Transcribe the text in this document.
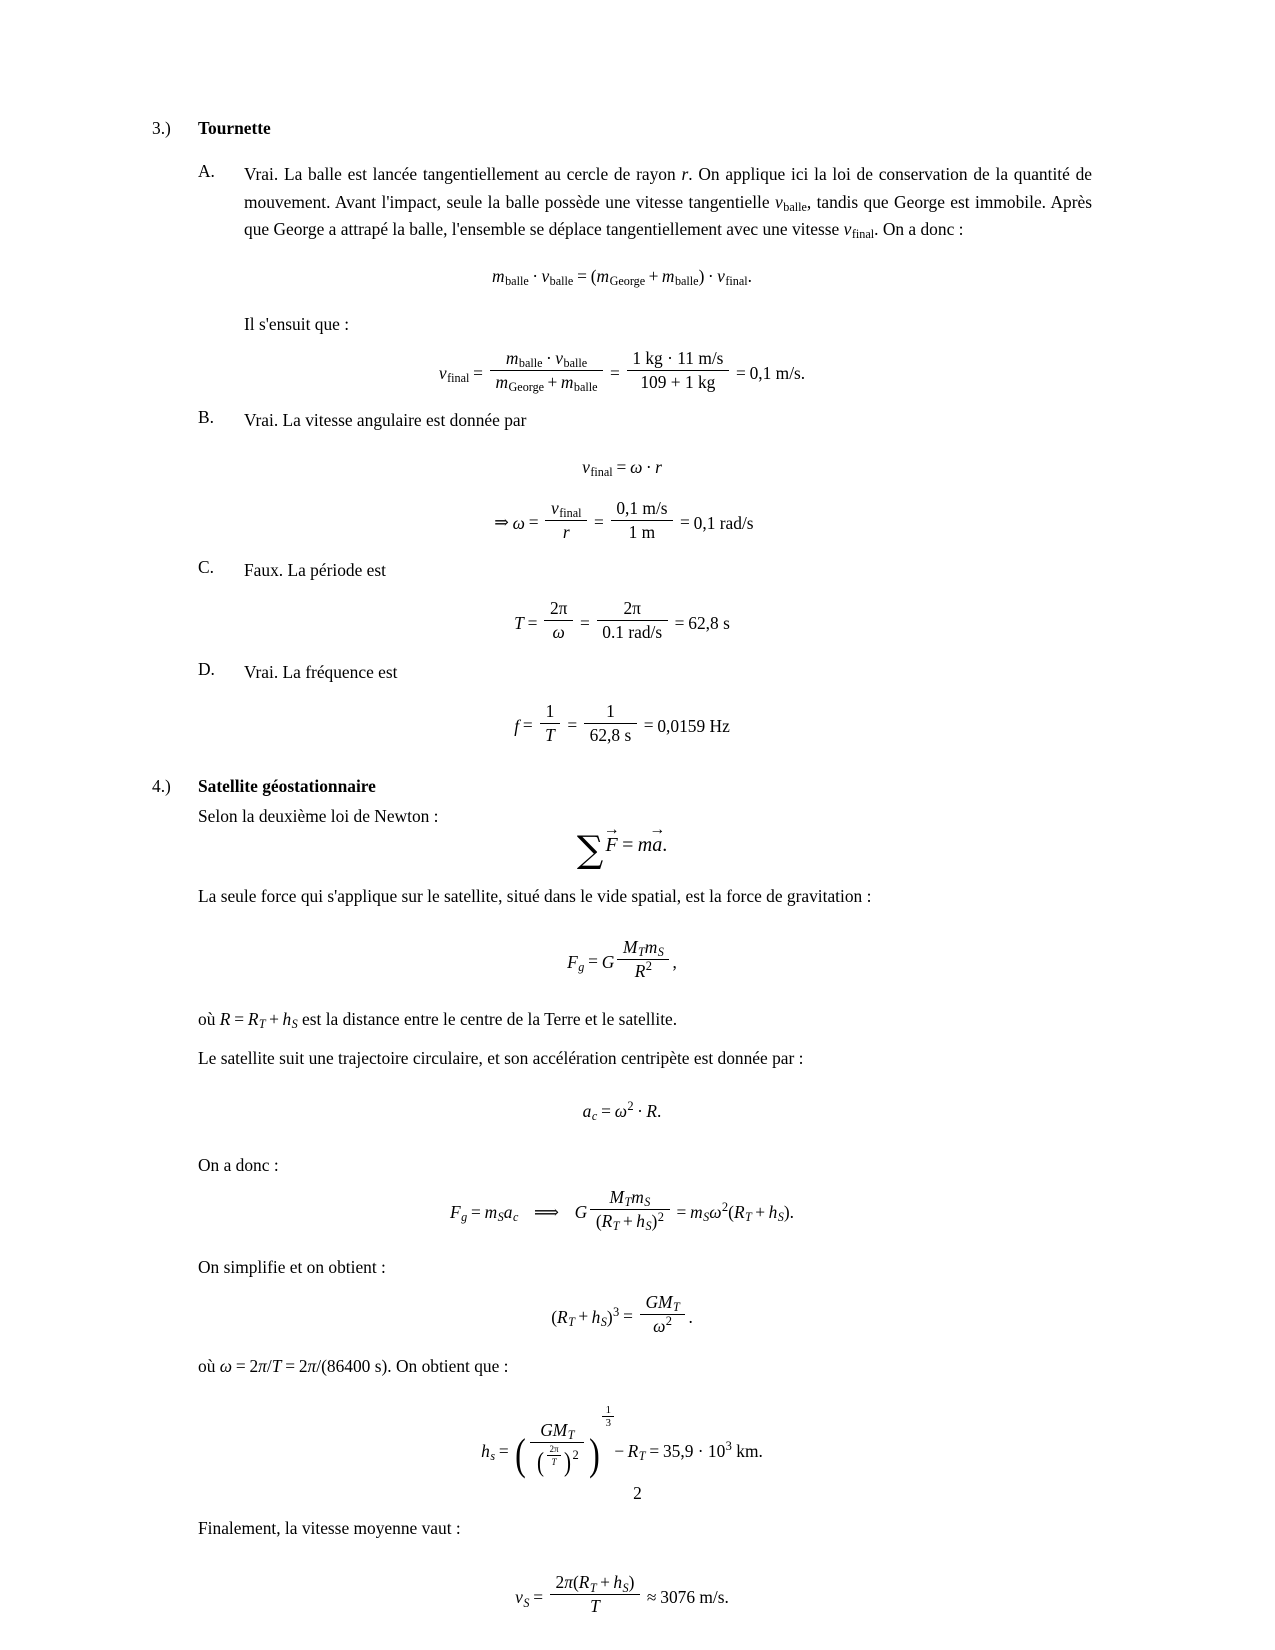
3.) Tournette
A. Vrai. La balle est lancée tangentiellement au cercle de rayon r. On applique ici la loi de conservation de la quantité de mouvement. Avant l'impact, seule la balle possède une vitesse tangentielle $v_{balle}$, tandis que George est immobile. Après que George a attrapé la balle, l'ensemble se déplace tangentiellement avec une vitesse $v_{final}$. On a donc :
$m_{balle} \cdot v_{balle} = (m_{George} + m_{balle}) \cdot v_{final}$.
Il s'ensuit que :
$v_{final} = \frac{m_{balle} \cdot v_{balle}}{m_{George} + m_{balle}} = \frac{1 kg \cdot 11 m/s}{109 + 1 kg} = 0,1$ m/s.
B. Vrai. La vitesse angulaire est donnée par
$v_{final} = \omega \cdot r$
⇒ $\omega = \frac{v_{final}}{r} = \frac{0,1 m/s}{1 m} = 0,1$ rad/s
C. Faux. La période est
$T = \frac{2\pi}{\omega} = \frac{2\pi}{\text{0.1 rad/s}} = 62,8$ s
D. Vrai. La fréquence est
$f = \frac{1}{T} = \frac{1}{62,8 s} = 0,0159$ Hz
4.) Satellite géostationnaire
Selon la deuxième loi de Newton :
∑ →
F = m
→
a.
La seule force qui s'applique sur le satellite, situé dans le vide spatial, est la force de gravitation :
$F_g = G \frac{M_Tm_S}{R^2}$ ,
où $R = R_T + h_S$ est la distance entre le centre de la Terre et le satellite.
Le satellite suit une trajectoire circulaire, et son accélération centripète est donnée par :
$a_c = \omega^2 \cdot R$.
On a donc :
$F_g = m_Sa_c$ ⟹ G $\frac{M_Tm_S}{(R_T + h_S)^2} = m_S\omega^2(R_T + h_S)$.
On simplifie et on obtient :
$(R_T + h_S)^3 = \frac{GM_T}{\omega^2}$ .
où ω = 2π/T = 2π/(86400 s). On obtient que :
$h_s$ = ( $\frac{GM_T}{( \frac{2\pi}{T} )^2}$ )
$\frac{1}{3}$
− $R_T = 35,9 \cdot 10^3$ km.
Finalement, la vitesse moyenne vaut :
$v_S = \frac{2\pi(R_T + h_S)}{T} \approx 3076$ m/s.
2
